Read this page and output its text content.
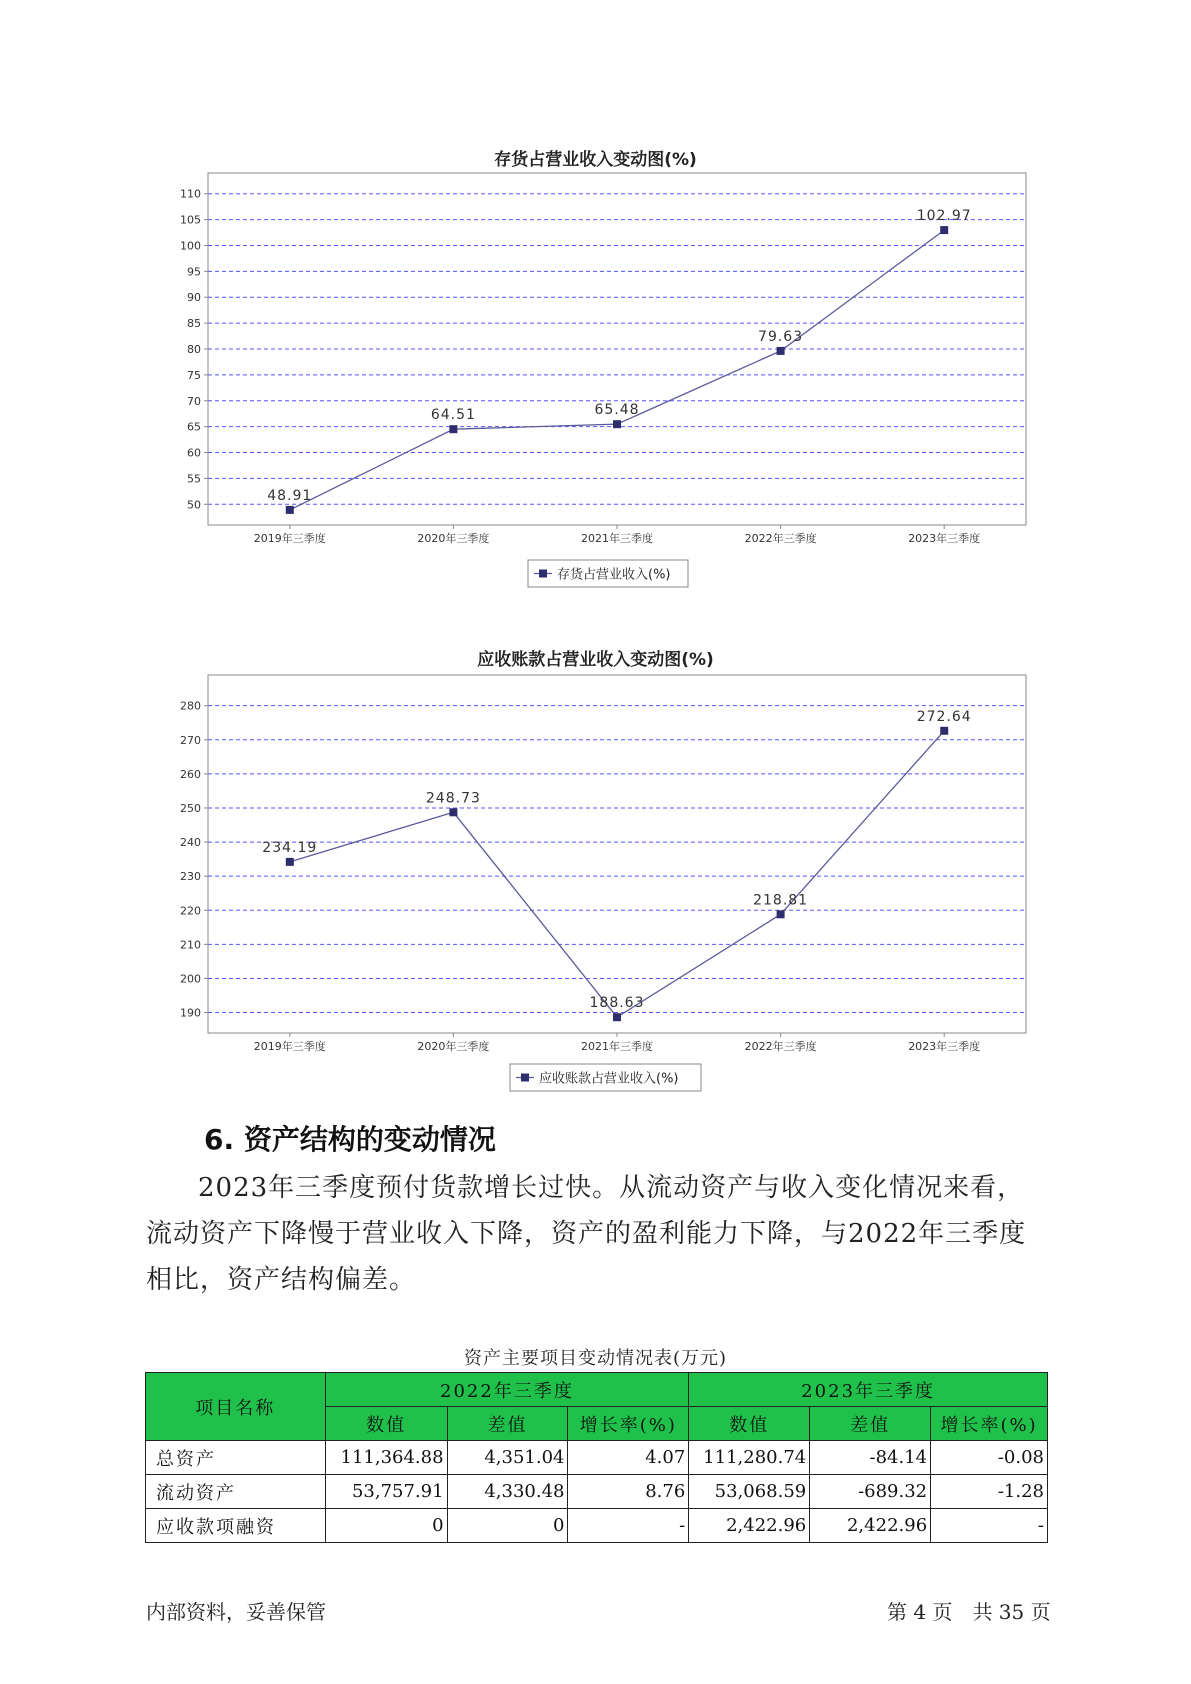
存货占营业收入变动图(%)
50
55
60
65
70
75
80
85
90
95
100
105
110
2019年三季度	2020年三季度	2021年三季度	2022年三季度	2023年三季度
48.91
64.51	65.48
79.63
102.97
存货占营业收入(%)
应收账款占营业收入变动图(%)
190
200
210
220
230
240
250
260
270
280
2019年三季度	2020年三季度	2021年三季度	2022年三季度	2023年三季度
234.19
248.73
188.63
218.81
272.64
应收账款占营业收入(%)
6. 资产结构的变动情况
2023年三季度预付货款增长过快。从流动资产与收入变化情况来看，流动资产下降慢于营业收入下降，资产的盈利能力下降，与2022年三季度相比，资产结构偏差。
资产主要项目变动情况表(万元)
项目名称	2022年三季度			2023年三季度		
	数值	差值	增长率(%)	数值	差值	增长率(%)
总资产	111,364.88	4,351.04	4.07	111,280.74	-84.14	-0.08
流动资产	53,757.91	4,330.48	8.76	53,068.59	-689.32	-1.28
应收款项融资	0	0	-	2,422.96	2,422.96	-
内部资料，妥善保管	第 4 页　共 35 页
